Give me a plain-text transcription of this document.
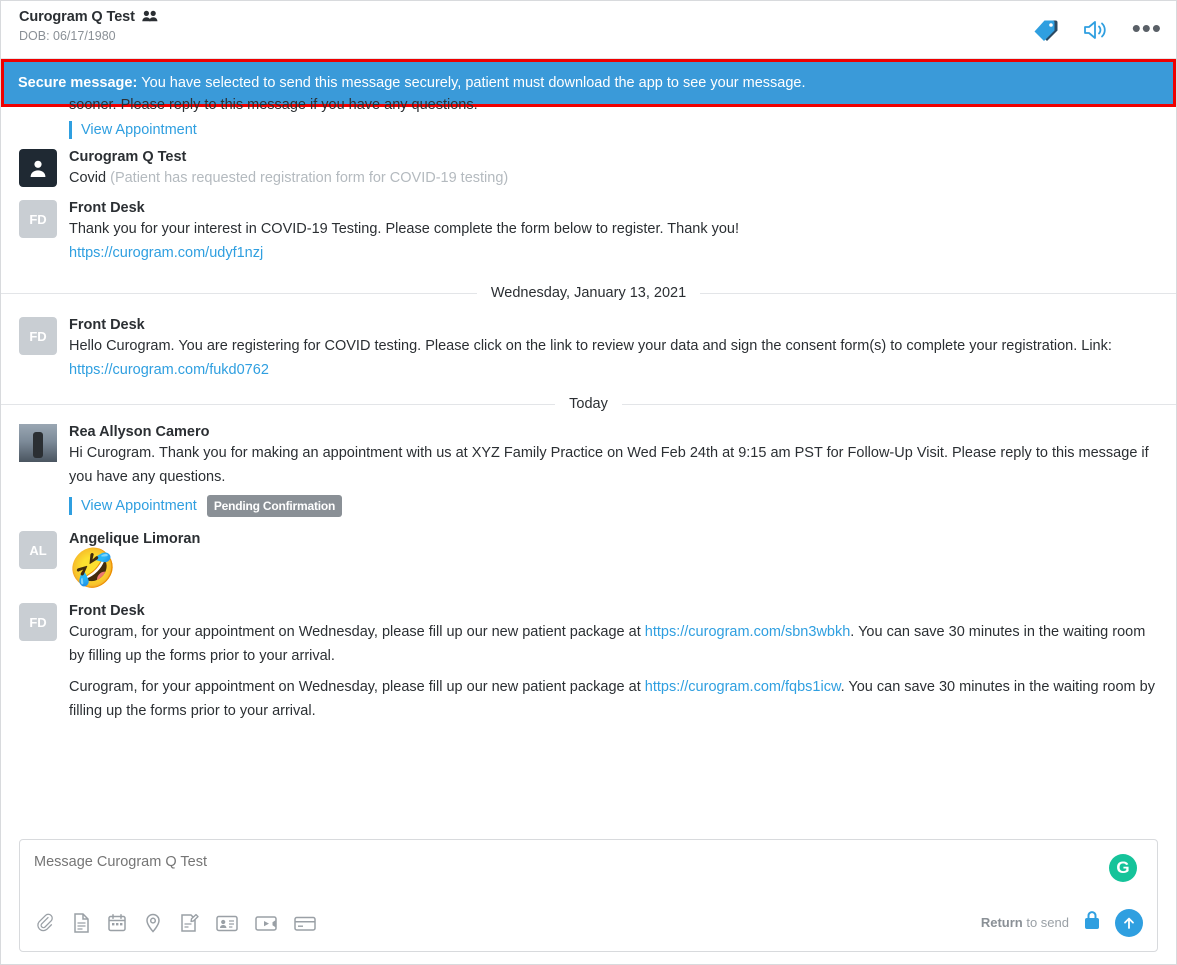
Curogram Q Test
DOB: 06/17/1980	•••
Secure message: You have selected to send this message securely, patient must download the app to see your message.
sooner. Please reply to this message if you have any questions.
View Appointment
Curogram Q Test
Covid (Patient has requested registration form for COVID-19 testing)
FD
Front Desk
Thank you for your interest in COVID-19 Testing. Please complete the form below to register. Thank you!
https://curogram.com/udyf1nzj
Wednesday, January 13, 2021
FD
Front Desk
Hello Curogram. You are registering for COVID testing. Please click on the link to review your data and sign the consent form(s) to complete your registration. Link: https://curogram.com/fukd0762
Today
Rea Allyson Camero
Hi Curogram. Thank you for making an appointment with us at XYZ Family Practice on Wed Feb 24th at 9:15 am PST for Follow-Up Visit. Please reply to this message if you have any questions.
View Appointment	Pending Confirmation
AL
Angelique Limoran
🤣
FD
Front Desk
Curogram, for your appointment on Wednesday, please fill up our new patient package at https://curogram.com/sbn3wbkh. You can save 30 minutes in the waiting room by filling up the forms prior to your arrival.
Curogram, for your appointment on Wednesday, please fill up our new patient package at https://curogram.com/fqbs1icw. You can save 30 minutes in the waiting room by filling up the forms prior to your arrival.
Message Curogram Q Test
G
Return to send
